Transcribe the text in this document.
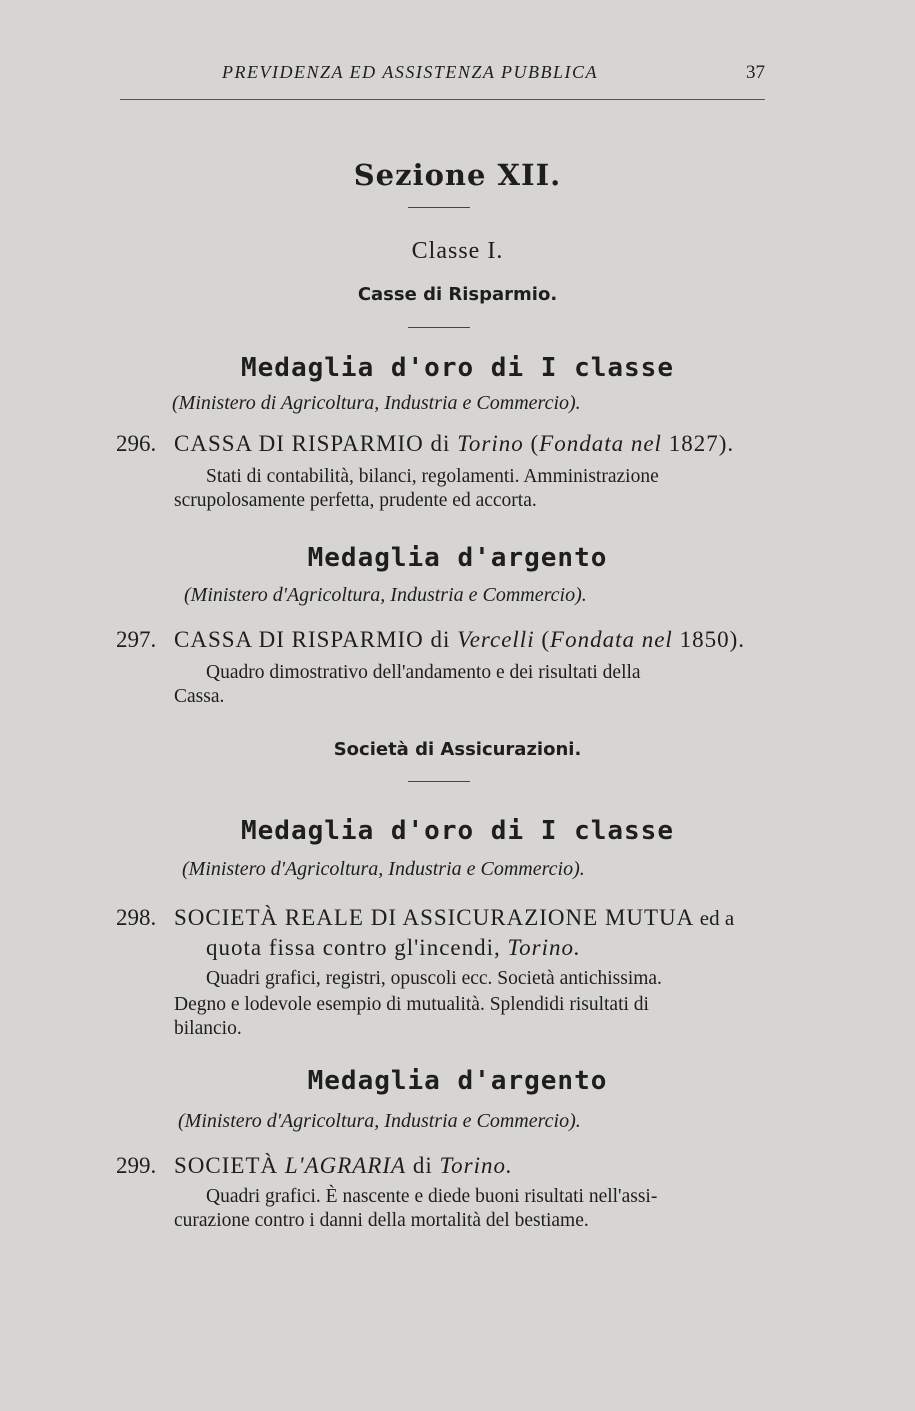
PREVIDENZA ED ASSISTENZA PUBBLICA	37
Sezione XII.
Classe I.
Casse di Risparmio.
Medaglia d'oro di I classe
(Ministero di Agricoltura, Industria e Commercio).
296. CASSA DI RISPARMIO di Torino (Fondata nel 1827).
Stati di contabilità, bilanci, regolamenti. Amministrazione
scrupolosamente perfetta, prudente ed accorta.
Medaglia d'argento
(Ministero d'Agricoltura, Industria e Commercio).
297. CASSA DI RISPARMIO di Vercelli (Fondata nel 1850).
Quadro dimostrativo dell'andamento e dei risultati della
Cassa.
Società di Assicurazioni.
Medaglia d'oro di I classe
(Ministero d'Agricoltura, Industria e Commercio).
298. SOCIETÀ REALE DI ASSICURAZIONE MUTUA ed a
quota fissa contro gl'incendi, Torino.
Quadri grafici, registri, opuscoli ecc. Società antichissima.
Degno e lodevole esempio di mutualità. Splendidi risultati di
bilancio.
Medaglia d'argento
(Ministero d'Agricoltura, Industria e Commercio).
299. SOCIETÀ L'AGRARIA di Torino.
Quadri grafici. È nascente e diede buoni risultati nell'assi-
curazione contro i danni della mortalità del bestiame.
